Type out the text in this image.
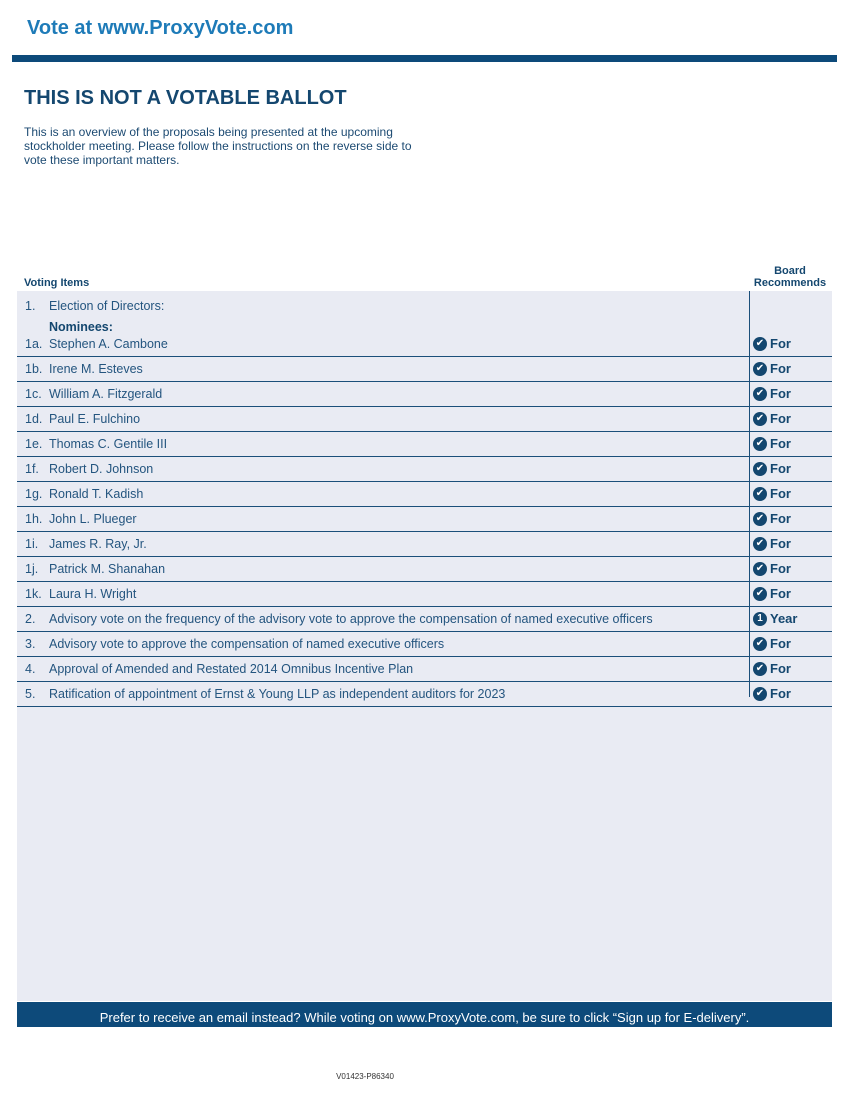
Vote at www.ProxyVote.com
THIS IS NOT A VOTABLE BALLOT
This is an overview of the proposals being presented at the upcoming stockholder meeting. Please follow the instructions on the reverse side to vote these important matters.
Voting Items
Board
Recommends
1. Election of Directors:
Nominees:
1a. Stephen A. Cambone	✔ For
1b. Irene M. Esteves	✔ For
1c. William A. Fitzgerald	✔ For
1d. Paul E. Fulchino	✔ For
1e. Thomas C. Gentile III	✔ For
1f. Robert D. Johnson	✔ For
1g. Ronald T. Kadish	✔ For
1h. John L. Plueger	✔ For
1i. James R. Ray, Jr.	✔ For
1j. Patrick M. Shanahan	✔ For
1k. Laura H. Wright	✔ For
2. Advisory vote on the frequency of the advisory vote to approve the compensation of named executive officers	1 Year
3. Advisory vote to approve the compensation of named executive officers	✔ For
4. Approval of Amended and Restated 2014 Omnibus Incentive Plan	✔ For
5. Ratification of appointment of Ernst & Young LLP as independent auditors for 2023	✔ For
Prefer to receive an email instead? While voting on www.ProxyVote.com, be sure to click “Sign up for E-delivery”.
V01423-P86340
